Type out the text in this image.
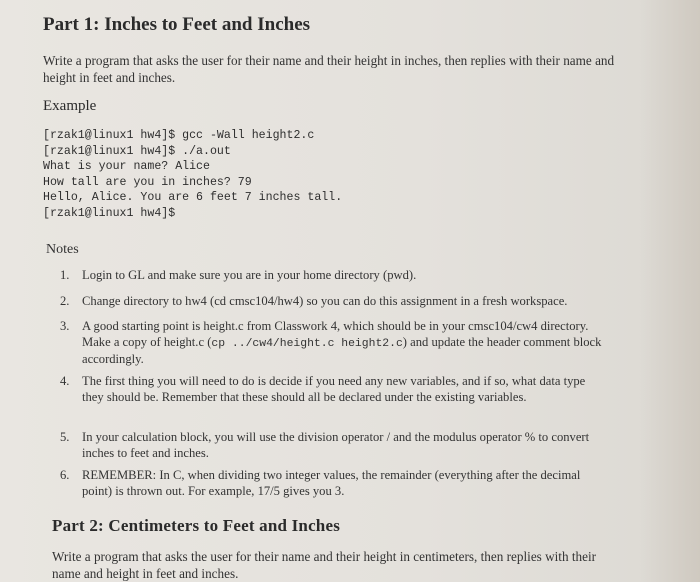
Part 1: Inches to Feet and Inches

Write a program that asks the user for their name and their height in inches, then replies with their name and height in feet and inches.

Example
[rzak1@linux1 hw4]$ gcc -Wall height2.c
[rzak1@linux1 hw4]$ ./a.out
What is your name? Alice
How tall are you in inches? 79
Hello, Alice. You are 6 feet 7 inches tall.
[rzak1@linux1 hw4]$
Notes
1. Login to GL and make sure you are in your home directory (pwd).
2. Change directory to hw4 (cd cmsc104/hw4) so you can do this assignment in a fresh workspace.
3. A good starting point is height.c from Classwork 4, which should be in your cmsc104/cw4 directory. Make a copy of height.c (cp ../cw4/height.c height2.c) and update the header comment block accordingly.
4. The first thing you will need to do is decide if you need any new variables, and if so, what data type they should be. Remember that these should all be declared under the existing variables.
5. In your calculation block, you will use the division operator / and the modulus operator % to convert inches to feet and inches.
6. REMEMBER: In C, when dividing two integer values, the remainder (everything after the decimal point) is thrown out. For example, 17/5 gives you 3.
Part 2: Centimeters to Feet and Inches

Write a program that asks the user for their name and their height in centimeters, then replies with their name and height in feet and inches.
